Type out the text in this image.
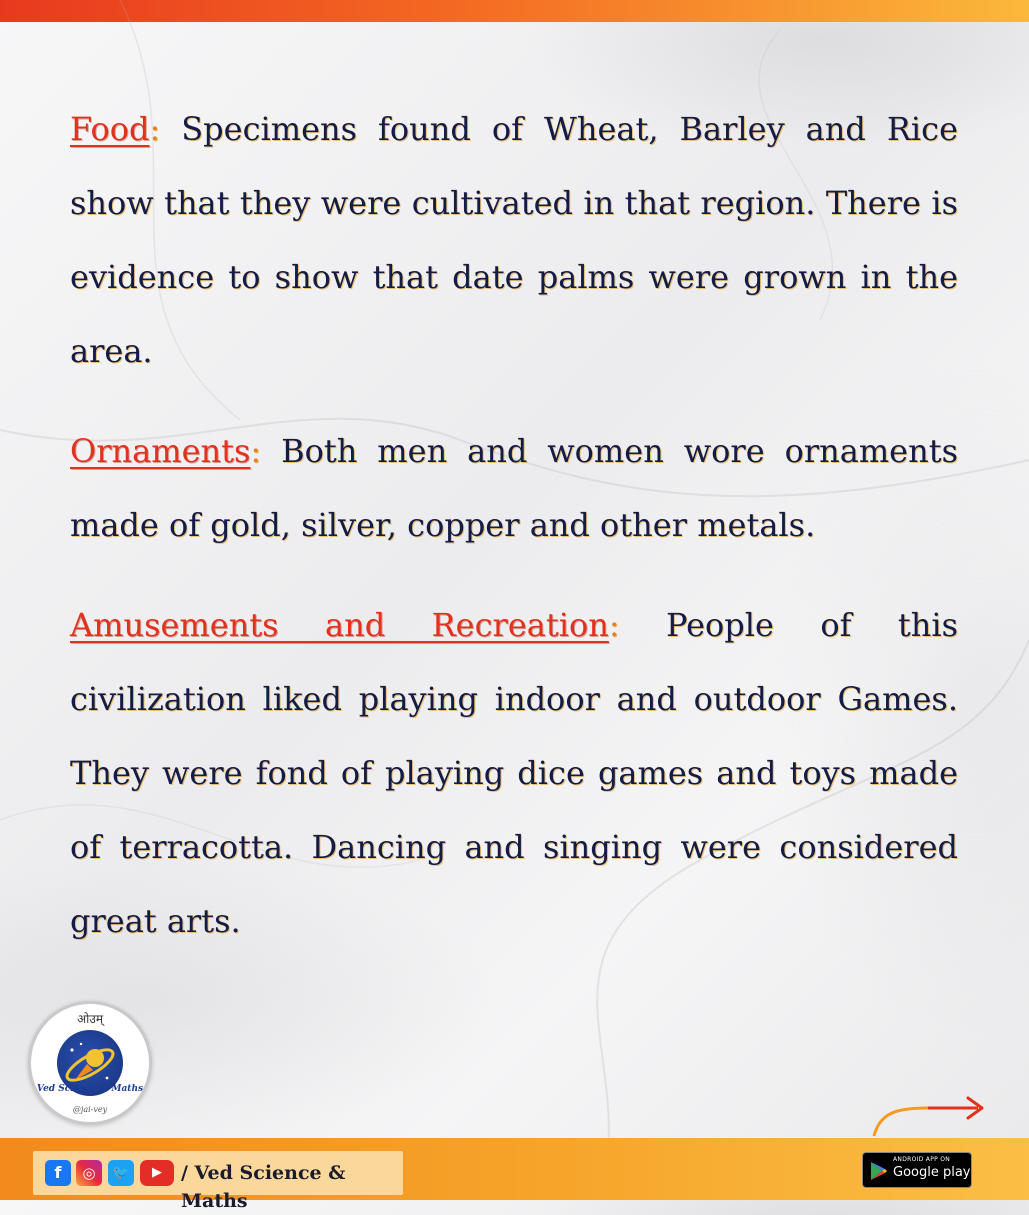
Food: Specimens found of Wheat, Barley and Rice show that they were cultivated in that region. There is evidence to show that date palms were grown in the area.

Ornaments: Both men and women wore ornaments made of gold, silver, copper and other metals.

Amusements and Recreation: People of this civilization liked playing indoor and outdoor Games. They were fond of playing dice games and toys made of terracotta. Dancing and singing were considered great arts.

ओउम्
Ved Science & Maths
@jai-vey
f	◎	🐦	▶	/ Ved Science & Maths
ANDROID APP ON
Google play
